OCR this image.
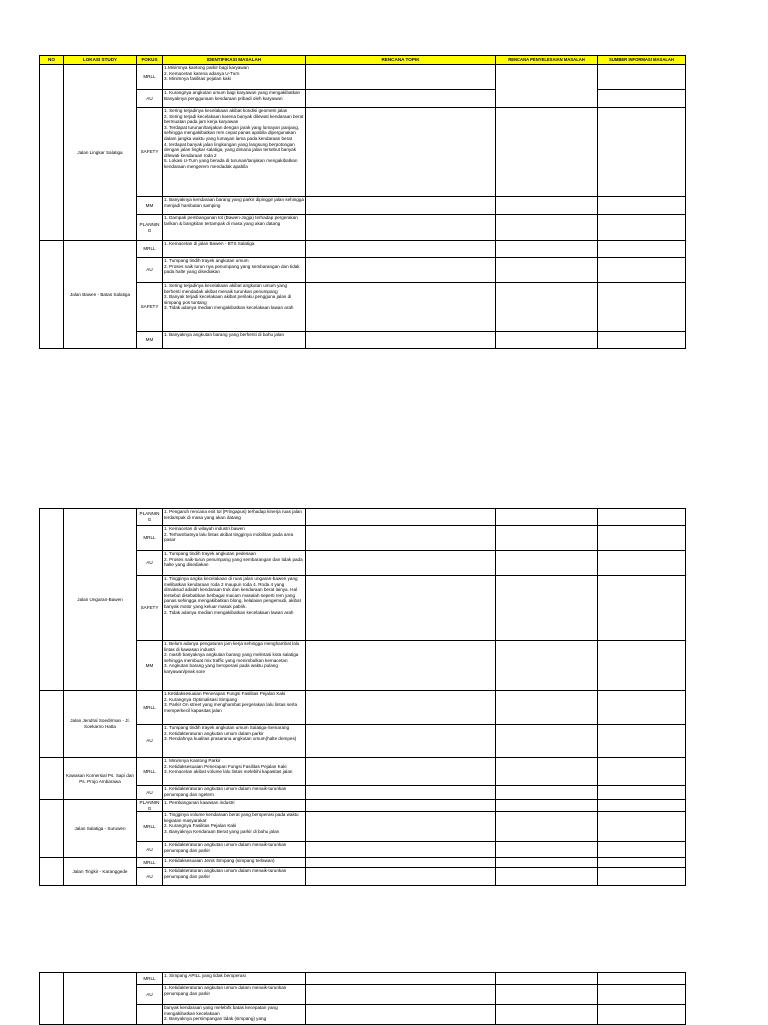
NO	LOKASI STUDY	FOKUS	IDENTIFIKASI MASALAH	RENCANA TOPIK	RENCANA PENYELESAIAN MASALAH	SUMBER INFORMASI MASALAH
	Jalan Lingkar Salatiga	MRLL	1.Minimnya kantong parkir bagi karyawan
2. Kemacetan karena adanya U-Turn
3. Minimnya fasilitas pejalan kaki			

		AU	1. Kurangnya angkutan umum bagi karyawan yang mengakibatkan Banyaknya penggunaan kendaraan pribadi oleh karyawan			

		SAFETY	1. Sering terjadinya kecelakaan akibat kondisi geometri jalan
2. Sering terjadi kecelakaan karena banyak dilewati kendaraan berat bermuatan pada jam kerja karyawan
3. Terdapat turunan/tanjakan dengan jarak yang lumayan panjang, sehingga mengakibatkan rem cepat panas apabila dipergunakan dalam jangka waktu yang lumayan lama pada kendaraan berat
4. terdapat banyak jalan lingkungan yang langsung berpotongan dengan jalan lingkar salatiga, yang dimana jalan tersebut banyak dilewati kendaraan roda 2
5. Lokasi U-Turn yang berada di turunan/tanjakan mengakibatkan kendaraan mengerem mendadak apabila			

		MM	1. Banyaknya kendaraan barang yang parkir dipinggir jalan sehingga menjadi hambatan samping			

		PLANNING	1. Dampak pembangunan tol (Bawen-Jogja) terhadap pergerakan tarikan & bangkitan tertampak di masa yang akan datang			

	Jalan Bawen - Batas Salatiga	MRLL	1. Kemacetan di jalan Bawen - BTS Salatiga			

		AU	1. Tumpang tindih trayek angkutan umum
2. Proses naik turun nya penumpang yang sembarangan dan tidak pada halte yang disediakan			

		SAFETY	1. Sering terjadinya kecelakaan akibat angkutan umum yang berhenti mendadak akibat menaik turunkan penumpang
2. Banyak terjadi kecelakaan akibat perilaku pengguna jalan di simpang pos tuntang
3. Tidak adanya median mengakibatkan kecelakaan lawan arah			

		MM	1. Banyaknya angkutan barang yang berhenti di bahu jalan			

	Jalan Ungaran-Bawen	PLANNING	1. Pengaruh rencana exit tol (Pringapus) terhadap kinerja ruas jalan terdampak di masa yang akan datang			

		MRLL	1. Kemacetan di wilayah industri bawen
2. Terhambatnya lalu lintas akibat tingginya mobilitas pada area pasar			

		AU	1. Tumpang tindih trayek angkutan pedesaan
2. Proses naik-turun penumpang yang sembarangan dan tidak pada halte yang disediakan			

		SAFETY	1. Tingginya angka kecelakaan di ruas jalan ungaran-bawen yang melibatkan kendaraan roda 2 maupun roda 4. Roda 4 yang dimaksud adalah kendaraan truk dan kendaraan berat lainya. Hal tersebut disebabkan berbagai macam masalah seperti rem yang panas sehingga mengakibatkan blong, kelalaian pengemudi, akibat banyak motor yang keluar masuk pabrik.
2. Tidak adanya median mengakibatkan kecelakaan lawan arah			

		MM	1. Belum adanya pengaturan jam kerja sehingga menghambat lalu lintas di kawasan industri
2. masih banyaknya angkutan barang yang melintasi kota salatiga sehingga membuat mix traffic yang menimbulkan kemacetan
3. Angkutan barang yang beroperasi pada waktu pulang karyawan/peak sore			

	Jalan Jendral Soedirman - Jl. Soekarno Hatta	MRLL	1.Ketidaksesuaian Penerapan Fungsi Fasilitas Pejalan Kaki
2. Kurangnya Optimalisasi Simpang
3. Parkir On street yang menghambat pergerakan lalu lintas serta memperkecil kapasitas jalan			

		AU	1. Tumpang tindih trayek angkutan umum Salatiga-Semarang
2. Ketidakteraturan angkutan umum dalam parkir
3. Rendahnya kualitas prasarana angkutan umum(halte dempes)			

	Kawasan Komersial Ps. Sapi dan Ps. Projo Ambarawa	MRLL	1. Minimnya Kantong Parkir
2. Ketidaksesuaian Penerapan Fungsi Fasilitas Pejalan Kaki
3. Kemacetan akibat volume lalu lintas melebihi kapasitas jalan			

		AU	1. Ketidakteraturan angkutan umum dalam menaik-turunkan penumpang dan ngetem			

	Jalan Salatiga - Suruwen	PLANNING	1. Pembangunan kawasan industri			

		MRLL	1. Tingginya volume kendaraan berat yang beroperasi pada waktu kegiatan masyarakat
2. Kurangnya Fasilitas Pejalan Kaki
3. Banyaknya Kendaraan Berat yang parkir di bahu jalan			

		AU	1. Ketidakteraturan angkutan umum dalam menaik-turunkan penumpang dan parkir			

	Jalan Tingkir - Karanggede	MRLL	1. Ketidaksesuaian Jenis Simpang (simpang terlawan)			

		AU	1. Ketidakteraturan angkutan umum dalam menaik-turunkan penumpang dan parkir			

		MRLL	1. Simpang APILL yang tidak beroperasi			

		AU	1. Ketidakteraturan angkutan umum dalam menaik-turunkan penumpang dan parkir			

			banyak kendaraan yang melebihi batas kecepatan yang mengakibatkan kecelakaan
2. Banyaknya persimpangan tidak (simpang) yang			
